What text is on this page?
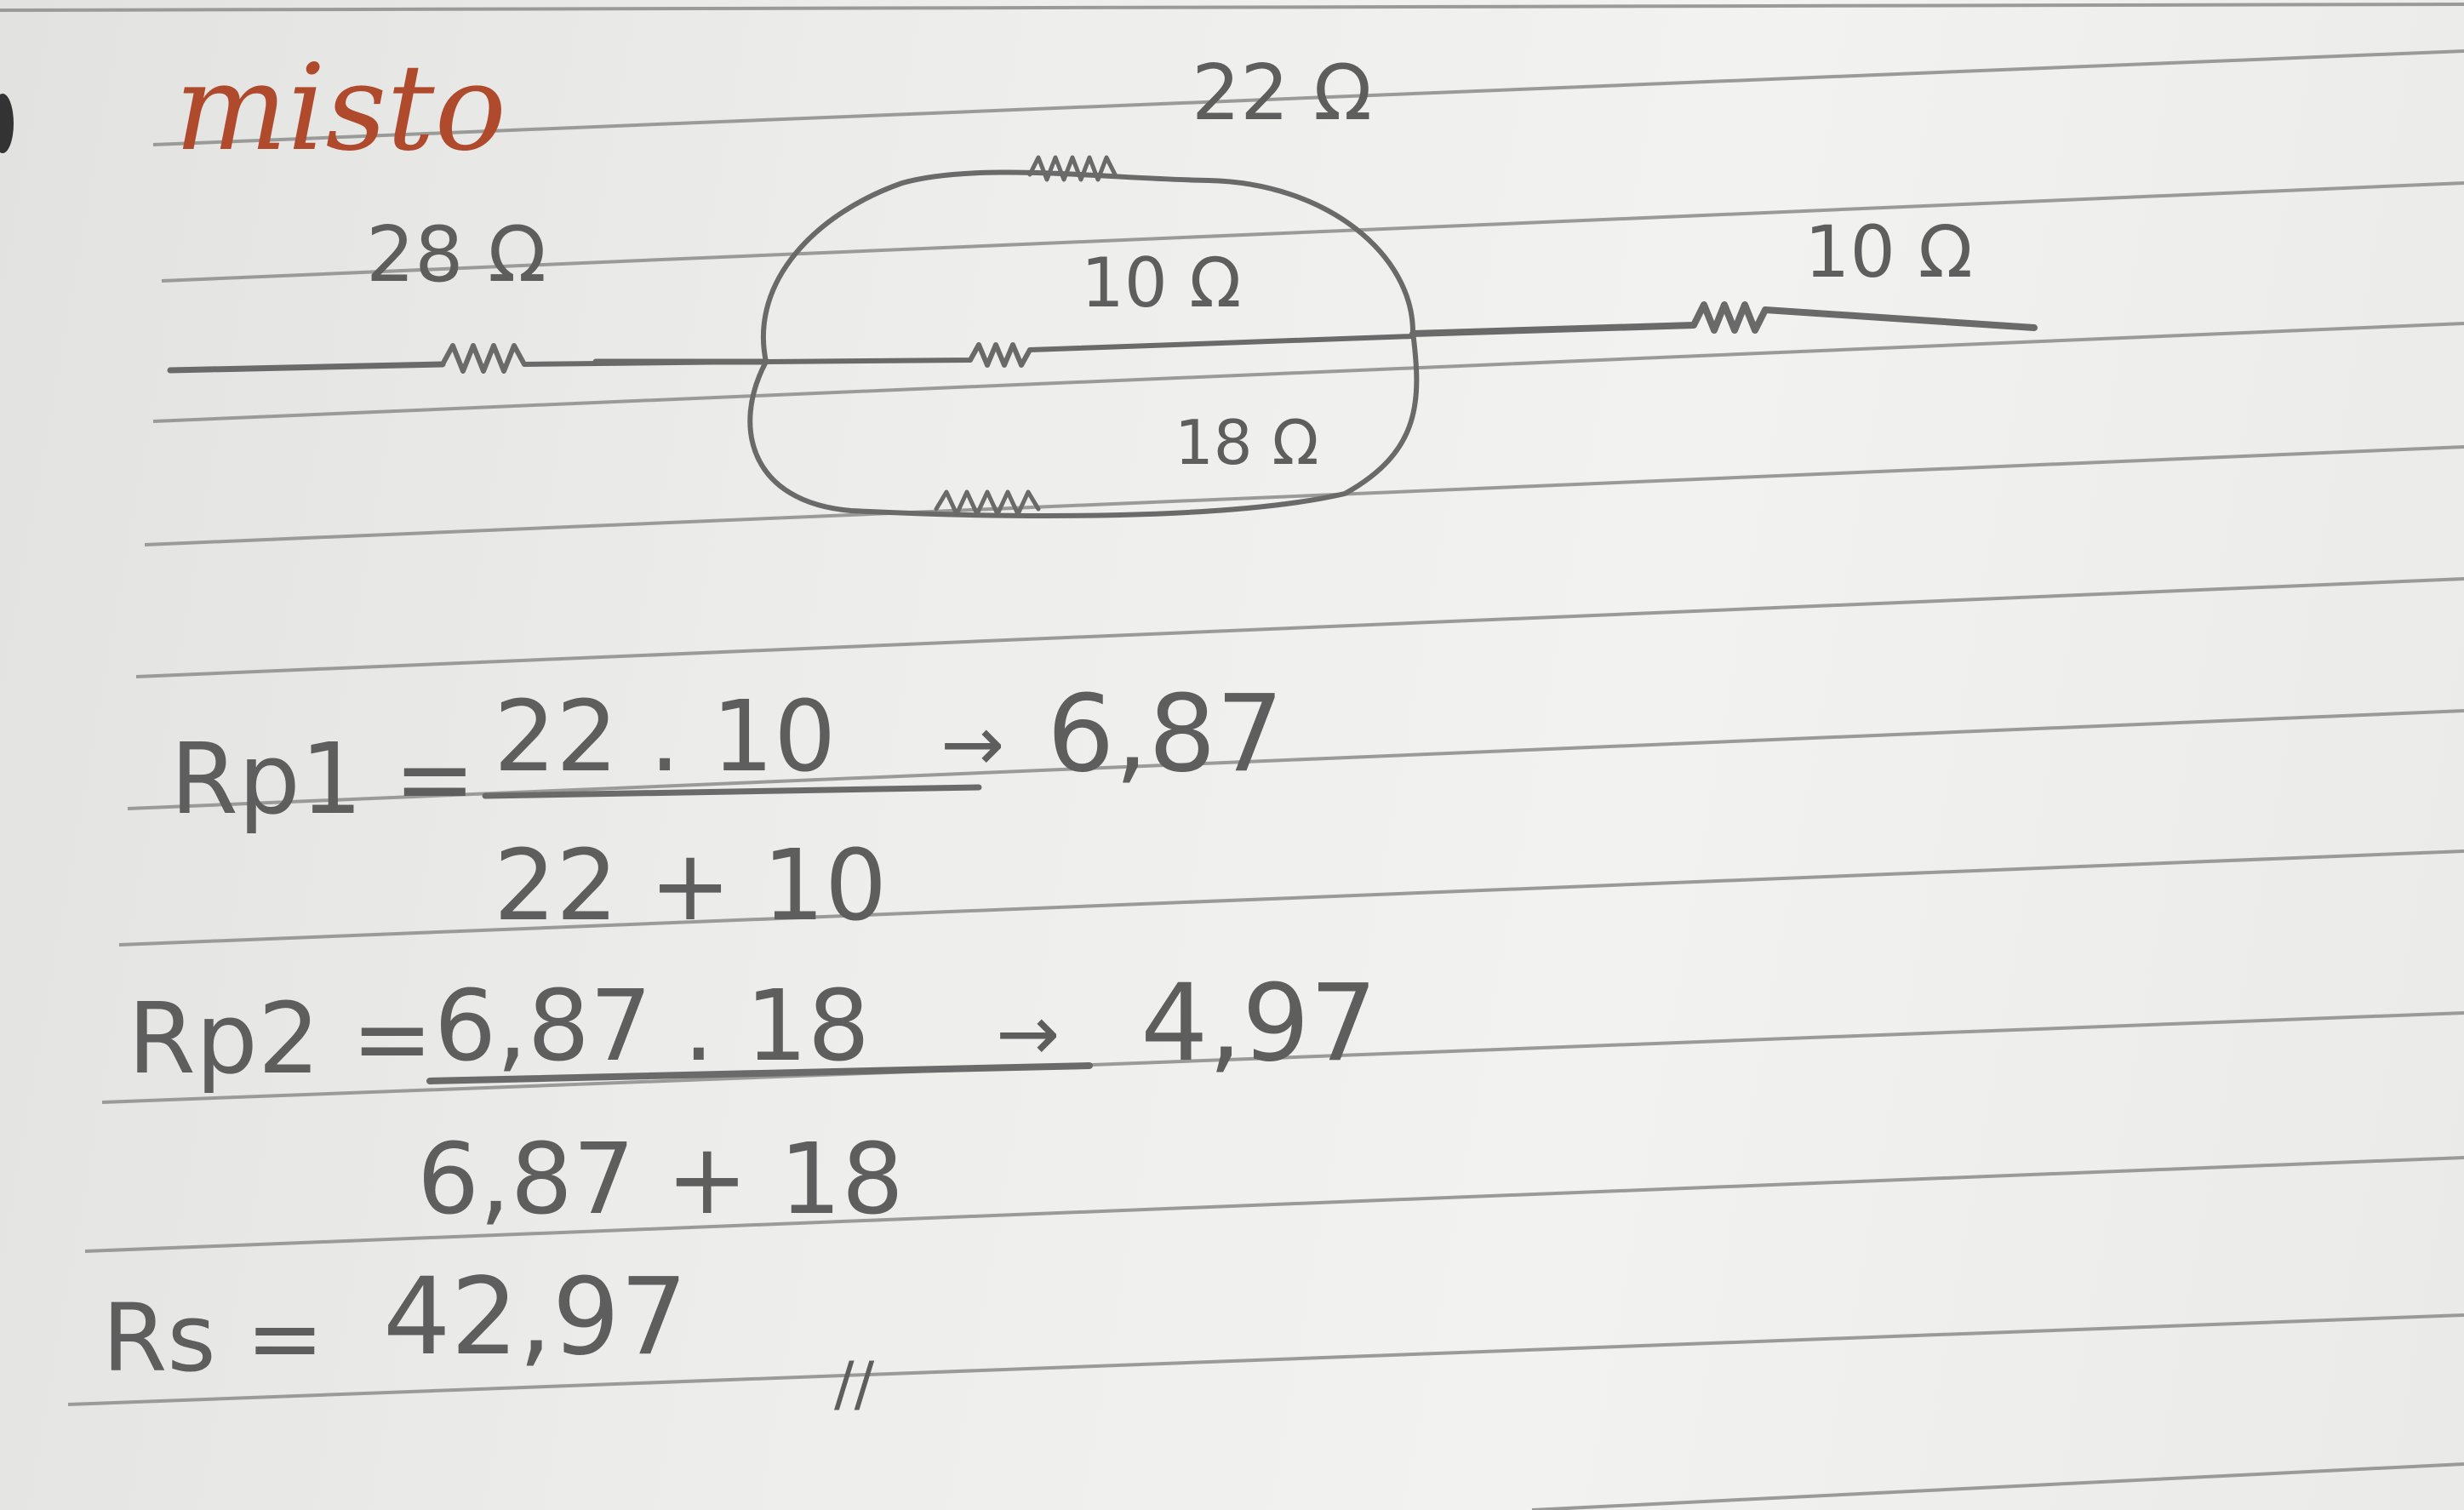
misto
28 Ω
22 Ω
10 Ω
18 Ω
10 Ω
Rp1 = 22 . 10
22 + 10
→ 6,87
Rp2 = 6,87 . 18
6,87 + 18
→ 4,97
Rs = 42,97
//
